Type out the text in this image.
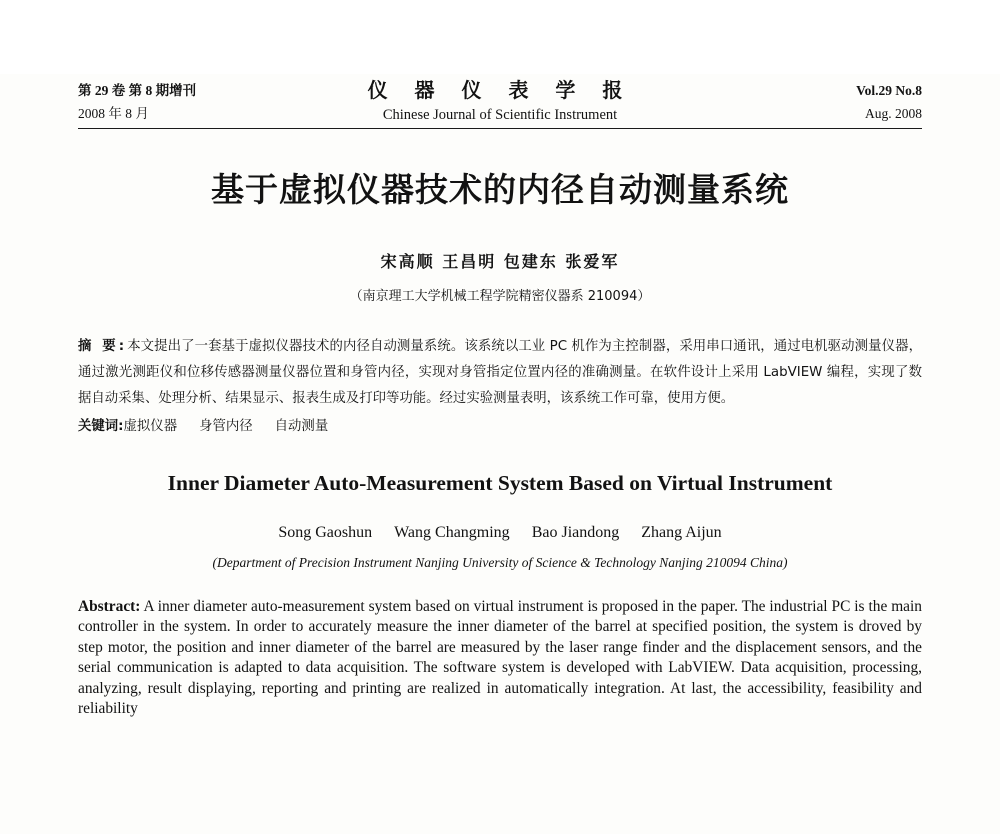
第 29 卷 第 8 期增刊
2008 年 8 月
仪 器 仪 表 学 报
Chinese Journal of Scientific Instrument
Vol.29 No.8
Aug. 2008
基于虚拟仪器技术的内径自动测量系统
宋高顺 王昌明 包建东 张爱军
（南京理工大学机械工程学院精密仪器系 210094）
摘 要:本文提出了一套基于虚拟仪器技术的内径自动测量系统。该系统以工业 PC 机作为主控制器，采用串口通讯，通过电机驱动测量仪器，通过激光测距仪和位移传感器测量仪器位置和身管内径，实现对身管指定位置内径的准确测量。在软件设计上采用 LabVIEW 编程，实现了数据自动采集、处理分析、结果显示、报表生成及打印等功能。经过实验测量表明，该系统工作可靠，使用方便。
关键词:虚拟仪器 身管内径 自动测量
Inner Diameter Auto-Measurement System Based on Virtual Instrument
Song Gaoshun Wang Changming Bao Jiandong Zhang Aijun
(Department of Precision Instrument Nanjing University of Science & Technology Nanjing 210094 China)
Abstract: A inner diameter auto-measurement system based on virtual instrument is proposed in the paper. The industrial PC is the main controller in the system. In order to accurately measure the inner diameter of the barrel at specified position, the system is droved by step motor, the position and inner diameter of the barrel are measured by the laser range finder and the displacement sensors, and the serial communication is adapted to data acquisition. The software system is developed with LabVIEW. Data acquisition, processing, analyzing, result displaying, reporting and printing are realized in automatically integration. At last, the accessibility, feasibility and reliability
